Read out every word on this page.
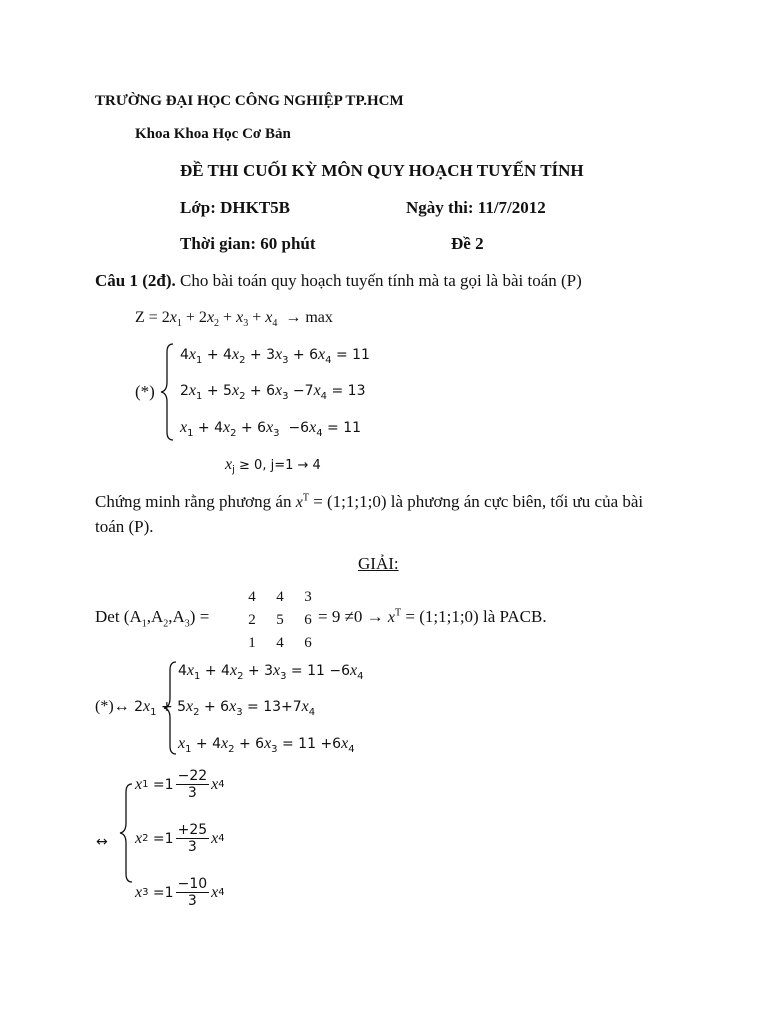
TRƯỜNG ĐẠI HỌC CÔNG NGHIỆP TP.HCM
Khoa Khoa Học Cơ Bản
ĐỀ THI CUỐI KỲ MÔN QUY HOẠCH TUYẾN TÍNH
Lớp: DHKT5B	Ngày thi: 11/7/2012
Thời gian: 60 phút	Đề 2
Câu 1 (2đ). Cho bài toán quy hoạch tuyến tính mà ta gọi là bài toán (P)
$Z = 2x_1 + 2x_2 + x_3 + x_4 \to \max$
(*)
$4x_1 + 4x_2 + 3x_3 + 6x_4 = 11$
$2x_1 + 5x_2 + 6x_3 -7x_4 = 13$
$x_1 + 4x_2 + 6x_3 -6x_4 = 11$
$x_j \ge 0$, j=1 → 4
Chứng minh rằng phương án $x^T$ = (1;1;1;0) là phương án cực biên, tối ưu của bài
toán (P).
GIẢI:
Det $(A_1,A_2,A_3)$ =
4	4	3
2	5	6
1	4	6
= $9 \ne 0 \to x^T$ = (1;1;1;0) là PACB.
$4x_1 + 4x_2 + 3x_3 = 11 -6x_4$
(*)↔ $2x_1 + 5x_2 + 6x_3 = 13+7x_4$
$x_1 + 4x_2 + 6x_3 = 11 +6x_4$
↔
x $1 = 1 \frac{-22}{3}$ x 4
x $2 = 1 \frac{+25}{3}$ x 4
x $3 = 1 \frac{-10}{3}$ x 4
